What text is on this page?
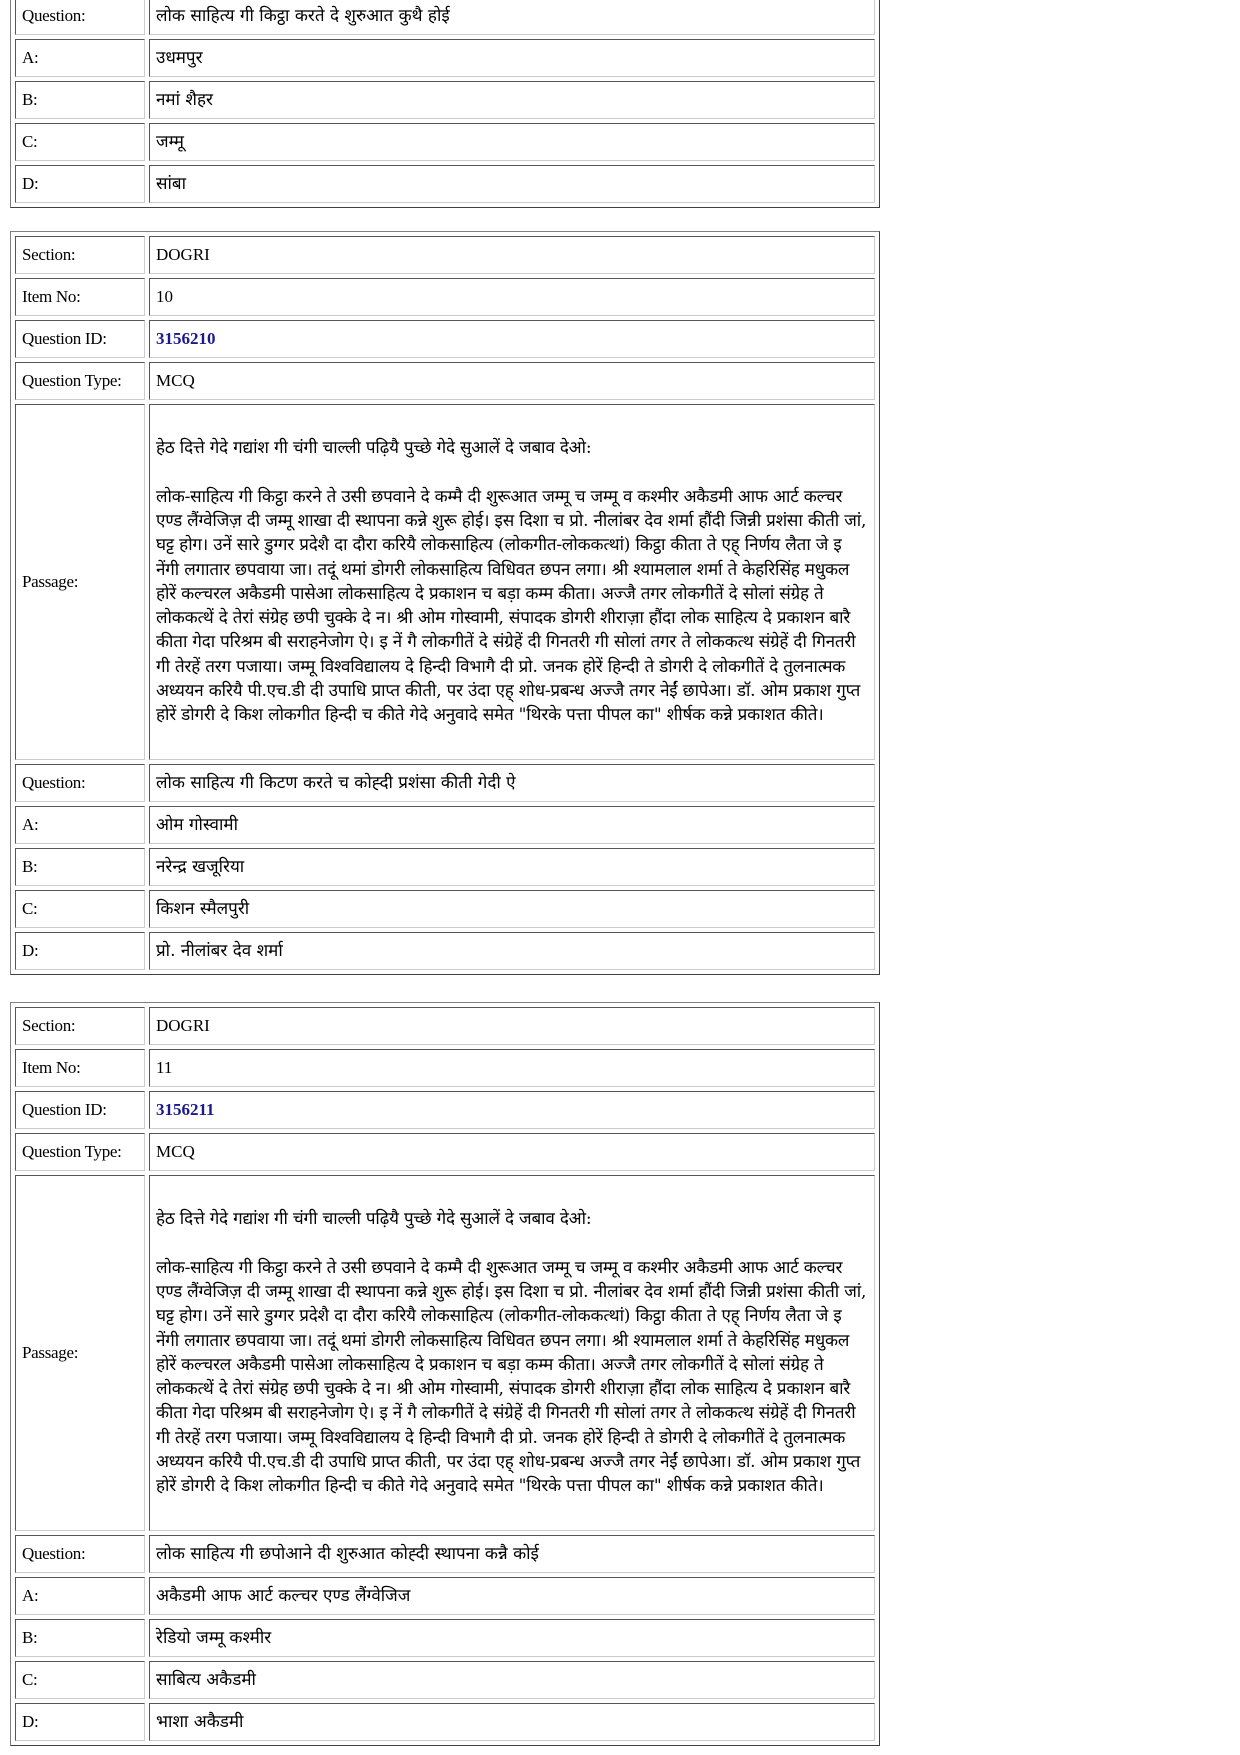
Question:	लोक साहित्य गी किट्ठा करते दे शुरुआत कुथै होई
A:	उधमपुर
B:	नमां शैहर
C:	जम्मू
D:	सांबा
Section:	DOGRI
Item No:	10
Question ID:	3156210
Question Type:	MCQ
Passage:	हेठ दित्ते गेदे गद्यांश गी चंगी चाल्ली पढ़ियै पुच्छे गेदे सुआलें दे जबाव देओ:

लोक-साहित्य गी किट्ठा करने ते उसी छपवाने दे कम्मै दी शुरूआत जम्मू च जम्मू व कश्मीर अकैडमी आफ आर्ट कल्चर एण्ड लैंग्वेजिज़ दी जम्मू शाखा दी स्थापना कन्ने शुरू होई। इस दिशा च प्रो. नीलांबर देव शर्मा हौंदी जिन्नी प्रशंसा कीती जां, घट्ट होग। उनें सारे डुग्गर प्रदेशै दा दौरा करियै लोकसाहित्य (लोकगीत-लोककत्थां) किट्ठा कीता ते एह् निर्णय लैता जे इ नेंगी लगातार छपवाया जा। तदूं थमां डोगरी लोकसाहित्य विधिवत छपन लगा। श्री श्यामलाल शर्मा ते केहरिसिंह मधुकल होरें कल्चरल अकैडमी पासेआ लोकसाहित्य दे प्रकाशन च बड़ा कम्म कीता। अज्जै तगर लोकगीतें दे सोलां संग्रेह ते लोककत्थें दे तेरां संग्रेह छपी चुक्के दे न। श्री ओम गोस्वामी, संपादक डोगरी शीराज़ा हौंदा लोक साहित्य दे प्रकाशन बारै कीता गेदा परिश्रम बी सराहनेजोग ऐ। इ नें गै लोकगीतें दे संग्रेहें दी गिनतरी गी सोलां तगर ते लोककत्थ संग्रेहें दी गिनतरी गी तेरहें तरग पजाया। जम्मू विश्वविद्यालय दे हिन्दी विभागै दी प्रो. जनक होरें हिन्दी ते डोगरी दे लोकगीतें दे तुलनात्मक अध्ययन करियै पी.एच.डी दी उपाधि प्राप्त कीती, पर उंदा एह् शोध-प्रबन्ध अज्जै तगर नेईं छापेआ। डॉ. ओम प्रकाश गुप्त होरें डोगरी दे किश लोकगीत हिन्दी च कीते गेदे अनुवादे समेत "थिरके पत्ता पीपल का" शीर्षक कन्ने प्रकाशत कीते।

Question:	लोक साहित्य गी किटण करते च कोह्दी प्रशंसा कीती गेदी ऐ
A:	ओम गोस्वामी
B:	नरेन्द्र खजूरिया
C:	किशन स्मैलपुरी
D:	प्रो. नीलांबर देव शर्मा
Section:	DOGRI
Item No:	11
Question ID:	3156211
Question Type:	MCQ
Passage:	हेठ दित्ते गेदे गद्यांश गी चंगी चाल्ली पढ़ियै पुच्छे गेदे सुआलें दे जबाव देओ:

लोक-साहित्य गी किट्ठा करने ते उसी छपवाने दे कम्मै दी शुरूआत जम्मू च जम्मू व कश्मीर अकैडमी आफ आर्ट कल्चर एण्ड लैंग्वेजिज़ दी जम्मू शाखा दी स्थापना कन्ने शुरू होई। इस दिशा च प्रो. नीलांबर देव शर्मा हौंदी जिन्नी प्रशंसा कीती जां, घट्ट होग। उनें सारे डुग्गर प्रदेशै दा दौरा करियै लोकसाहित्य (लोकगीत-लोककत्थां) किट्ठा कीता ते एह् निर्णय लैता जे इ नेंगी लगातार छपवाया जा। तदूं थमां डोगरी लोकसाहित्य विधिवत छपन लगा। श्री श्यामलाल शर्मा ते केहरिसिंह मधुकल होरें कल्चरल अकैडमी पासेआ लोकसाहित्य दे प्रकाशन च बड़ा कम्म कीता। अज्जै तगर लोकगीतें दे सोलां संग्रेह ते लोककत्थें दे तेरां संग्रेह छपी चुक्के दे न। श्री ओम गोस्वामी, संपादक डोगरी शीराज़ा हौंदा लोक साहित्य दे प्रकाशन बारै कीता गेदा परिश्रम बी सराहनेजोग ऐ। इ नें गै लोकगीतें दे संग्रेहें दी गिनतरी गी सोलां तगर ते लोककत्थ संग्रेहें दी गिनतरी गी तेरहें तरग पजाया। जम्मू विश्वविद्यालय दे हिन्दी विभागै दी प्रो. जनक होरें हिन्दी ते डोगरी दे लोकगीतें दे तुलनात्मक अध्ययन करियै पी.एच.डी दी उपाधि प्राप्त कीती, पर उंदा एह् शोध-प्रबन्ध अज्जै तगर नेईं छापेआ। डॉ. ओम प्रकाश गुप्त होरें डोगरी दे किश लोकगीत हिन्दी च कीते गेदे अनुवादे समेत "थिरके पत्ता पीपल का" शीर्षक कन्ने प्रकाशत कीते।

Question:	लोक साहित्य गी छपोआने दी शुरुआत कोह्दी स्थापना कन्नै कोई
A:	अकैडमी आफ आर्ट कल्चर एण्ड लैंग्वेजिज
B:	रेडियो जम्मू कश्मीर
C:	साबित्य अकैडमी
D:	भाशा अकैडमी
